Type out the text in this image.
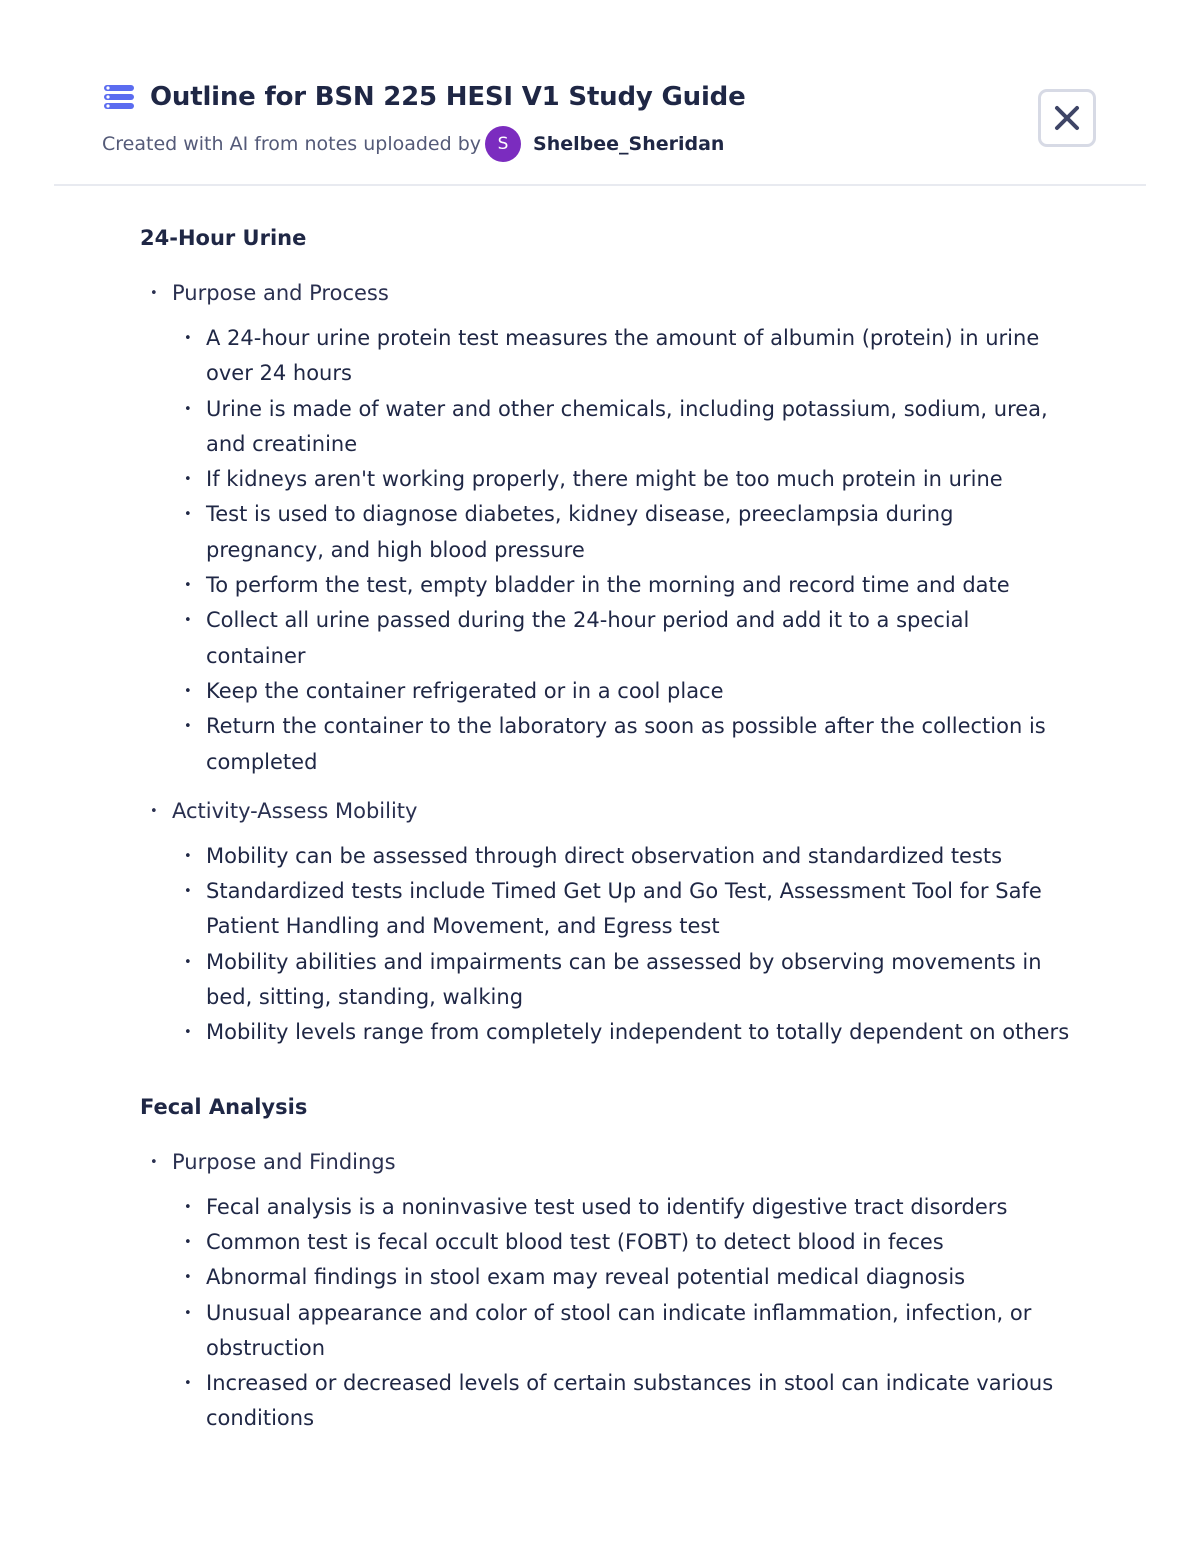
Outline for BSN 225 HESI V1 Study Guide
Created with AI from notes uploaded by S	Shelbee_Sheridan
24-Hour Urine
• Purpose and Process
• A 24-hour urine protein test measures the amount of albumin (protein) in urine over 24 hours
• Urine is made of water and other chemicals, including potassium, sodium, urea, and creatinine
• If kidneys aren't working properly, there might be too much protein in urine
• Test is used to diagnose diabetes, kidney disease, preeclampsia during pregnancy, and high blood pressure
• To perform the test, empty bladder in the morning and record time and date
• Collect all urine passed during the 24-hour period and add it to a special container
• Keep the container refrigerated or in a cool place
• Return the container to the laboratory as soon as possible after the collection is completed
• Activity-Assess Mobility
• Mobility can be assessed through direct observation and standardized tests
• Standardized tests include Timed Get Up and Go Test, Assessment Tool for Safe Patient Handling and Movement, and Egress test
• Mobility abilities and impairments can be assessed by observing movements in bed, sitting, standing, walking
• Mobility levels range from completely independent to totally dependent on others
Fecal Analysis
• Purpose and Findings
• Fecal analysis is a noninvasive test used to identify digestive tract disorders
• Common test is fecal occult blood test (FOBT) to detect blood in feces
• Abnormal findings in stool exam may reveal potential medical diagnosis
• Unusual appearance and color of stool can indicate inflammation, infection, or obstruction
• Increased or decreased levels of certain substances in stool can indicate various conditions
